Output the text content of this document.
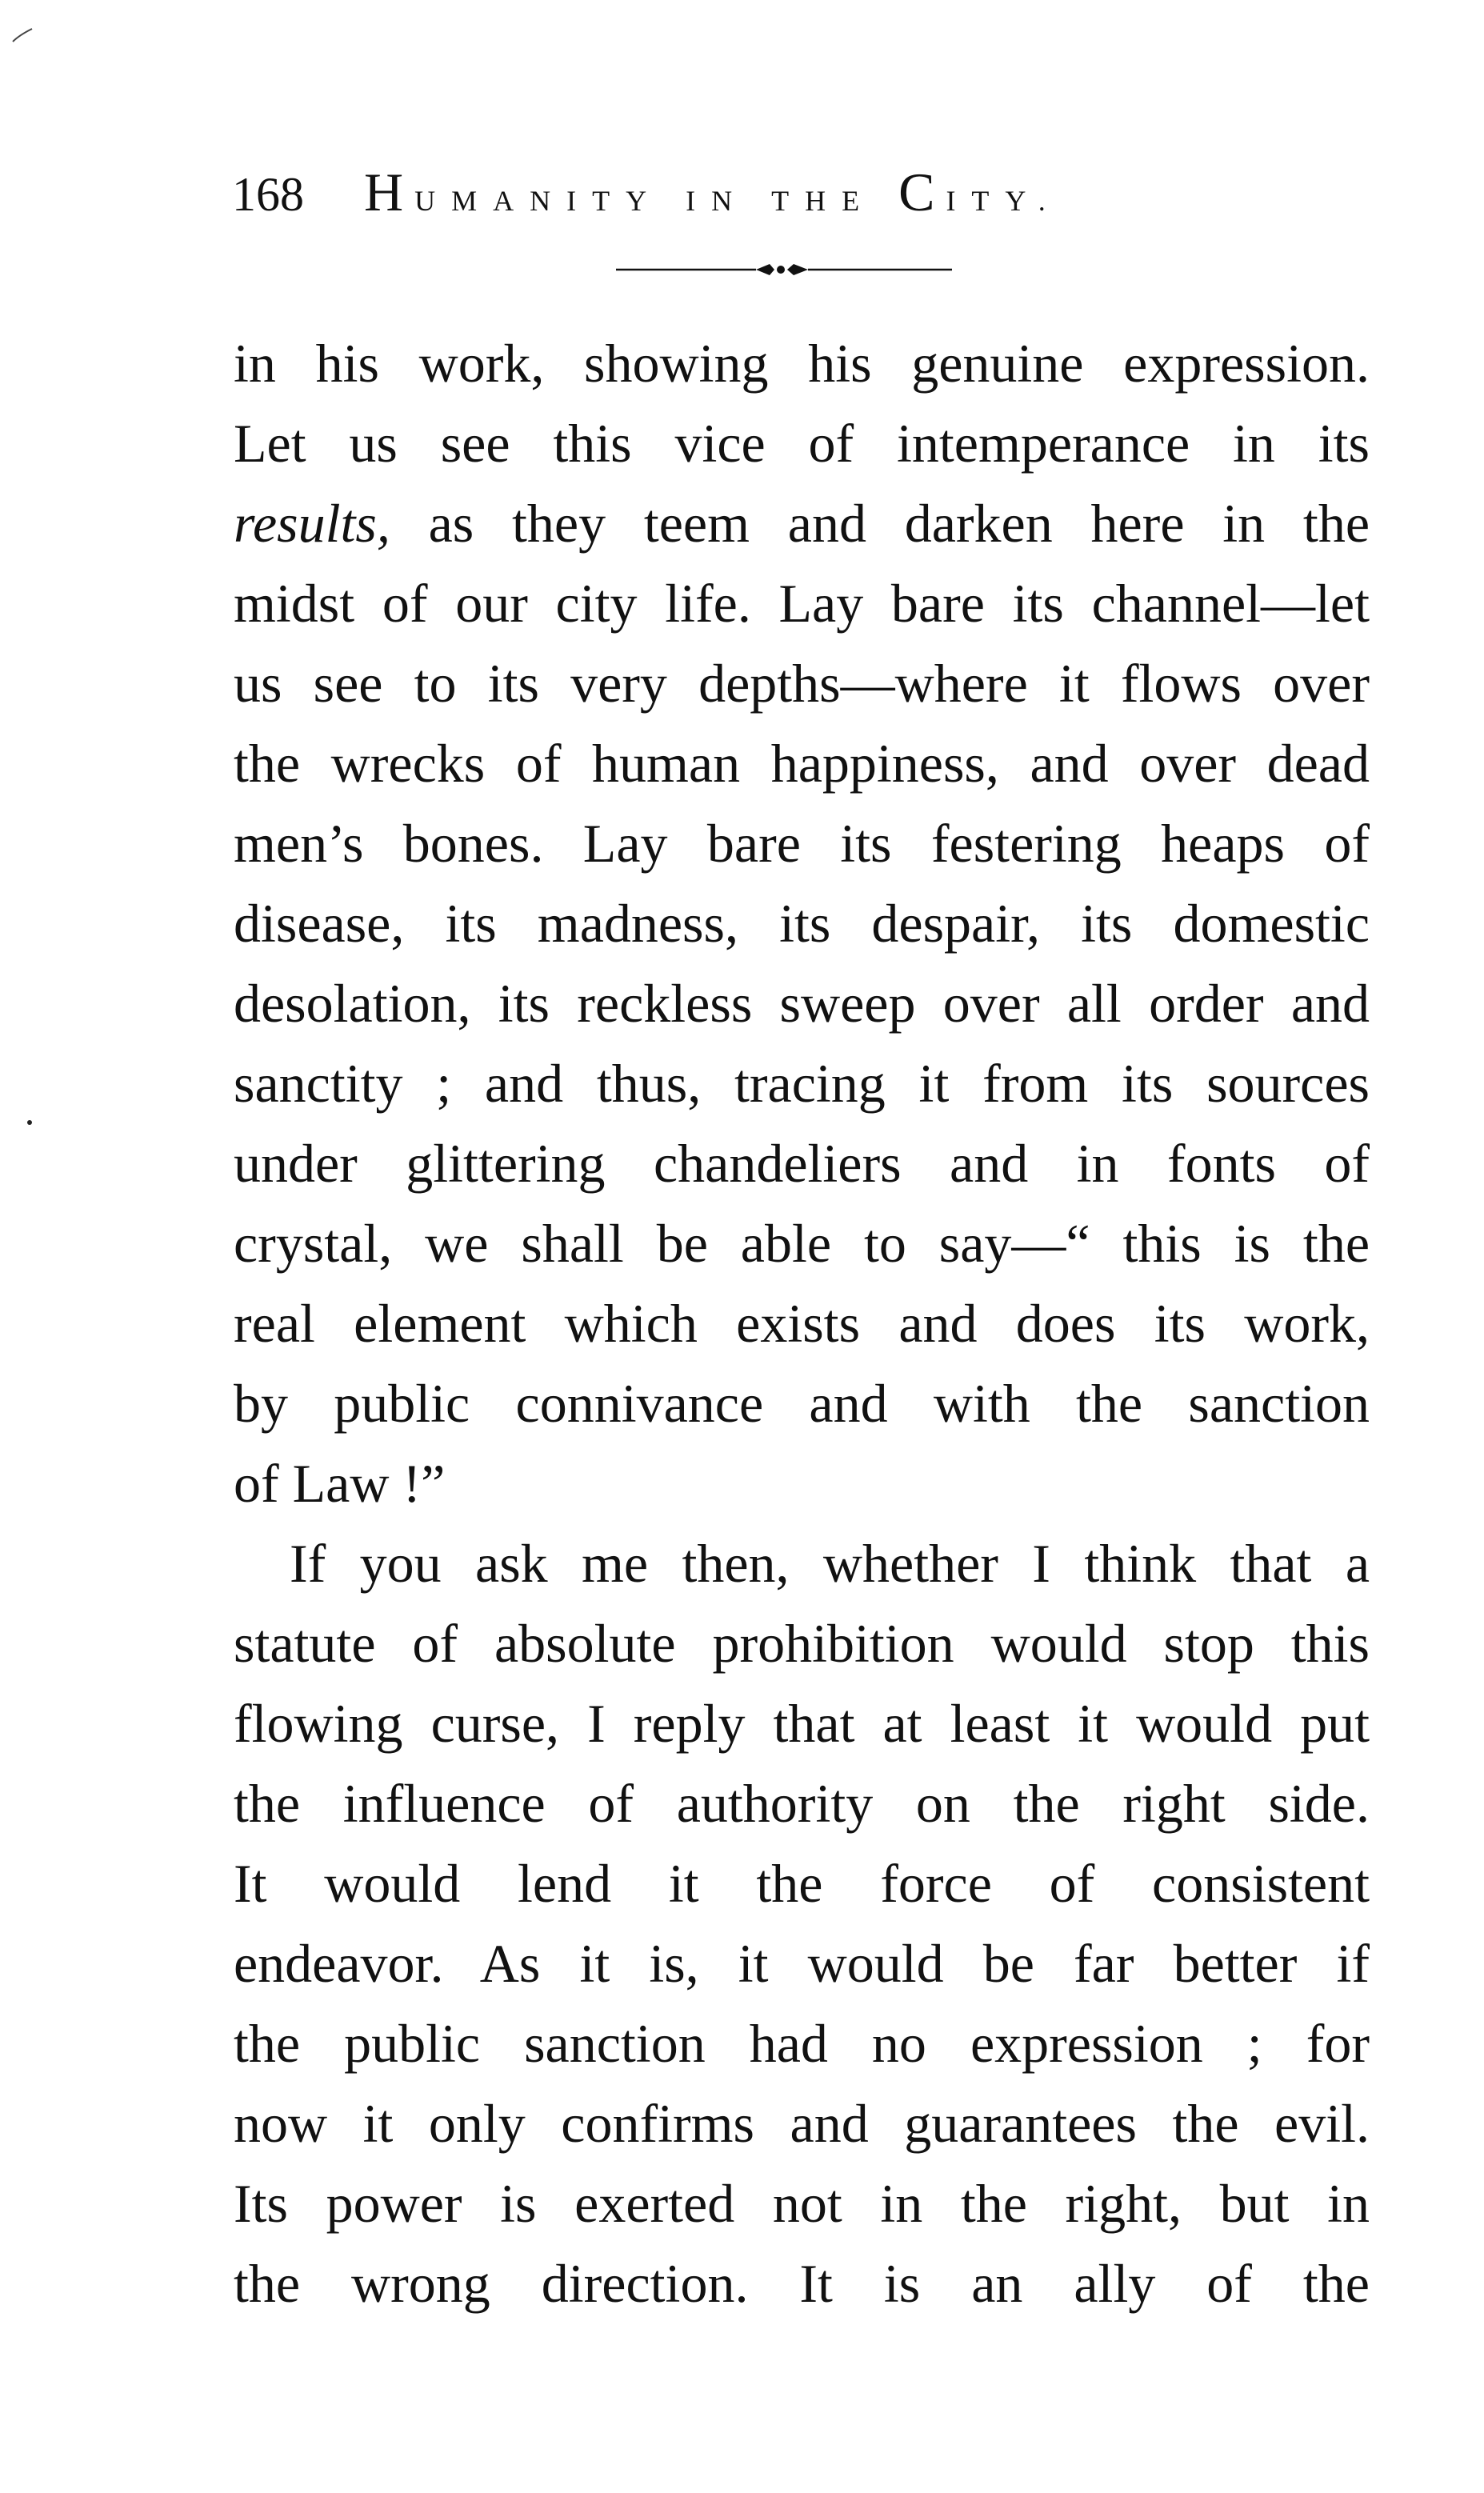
168 HUMANITY IN THE CITY.
in his work, showing his genuine expression.
Let us see this vice of intemperance in its
results, as they teem and darken here in the
midst of our city life. Lay bare its channel—let
us see to its very depths—where it flows over
the wrecks of human happiness, and over dead
men’s bones. Lay bare its festering heaps of
disease, its madness, its despair, its domestic
desolation, its reckless sweep over all order and
sanctity ; and thus, tracing it from its sources
under glittering chandeliers and in fonts of
crystal, we shall be able to say—“ this is the
real element which exists and does its work,
by public connivance and with the sanction
of Law !”
If you ask me then, whether I think that a
statute of absolute prohibition would stop this
flowing curse, I reply that at least it would put
the influence of authority on the right side.
It would lend it the force of consistent
endeavor. As it is, it would be far better if
the public sanction had no expression ; for
now it only confirms and guarantees the evil.
Its power is exerted not in the right, but in
the wrong direction. It is an ally of the
